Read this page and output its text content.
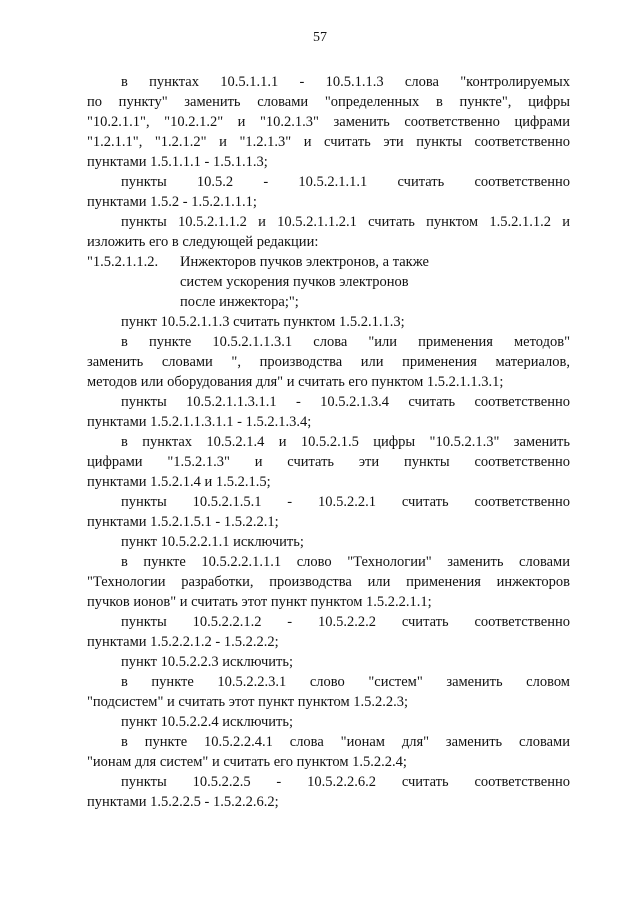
57
в пунктах 10.5.1.1.1 - 10.5.1.1.3 слова "контролируемых
по пункту" заменить словами "определенных в пункте", цифры
"10.2.1.1", "10.2.1.2" и "10.2.1.3" заменить соответственно цифрами
"1.2.1.1", "1.2.1.2" и "1.2.1.3" и считать эти пункты соответственно
пунктами 1.5.1.1.1 - 1.5.1.1.3;
пункты 10.5.2 - 10.5.2.1.1.1 считать соответственно
пунктами 1.5.2 - 1.5.2.1.1.1;
пункты 10.5.2.1.1.2 и 10.5.2.1.1.2.1 считать пунктом 1.5.2.1.1.2 и
изложить его в следующей редакции:
"1.5.2.1.1.2. Инжекторов пучков электронов, а также
систем ускорения пучков электронов
после инжектора;";
пункт 10.5.2.1.1.3 считать пунктом 1.5.2.1.1.3;
в пункте 10.5.2.1.1.3.1 слова "или применения методов"
заменить словами ", производства или применения материалов,
методов или оборудования для" и считать его пунктом 1.5.2.1.1.3.1;
пункты 10.5.2.1.1.3.1.1 - 10.5.2.1.3.4 считать соответственно
пунктами 1.5.2.1.1.3.1.1 - 1.5.2.1.3.4;
в пунктах 10.5.2.1.4 и 10.5.2.1.5 цифры "10.5.2.1.3" заменить
цифрами "1.5.2.1.3" и считать эти пункты соответственно
пунктами 1.5.2.1.4 и 1.5.2.1.5;
пункты 10.5.2.1.5.1 - 10.5.2.2.1 считать соответственно
пунктами 1.5.2.1.5.1 - 1.5.2.2.1;
пункт 10.5.2.2.1.1 исключить;
в пункте 10.5.2.2.1.1.1 слово "Технологии" заменить словами
"Технологии разработки, производства или применения инжекторов
пучков ионов" и считать этот пункт пунктом 1.5.2.2.1.1;
пункты 10.5.2.2.1.2 - 10.5.2.2.2 считать соответственно
пунктами 1.5.2.2.1.2 - 1.5.2.2.2;
пункт 10.5.2.2.3 исключить;
в пункте 10.5.2.2.3.1 слово "систем" заменить словом
"подсистем" и считать этот пункт пунктом 1.5.2.2.3;
пункт 10.5.2.2.4 исключить;
в пункте 10.5.2.2.4.1 слова "ионам для" заменить словами
"ионам для систем" и считать его пунктом 1.5.2.2.4;
пункты 10.5.2.2.5 - 10.5.2.2.6.2 считать соответственно
пунктами 1.5.2.2.5 - 1.5.2.2.6.2;
